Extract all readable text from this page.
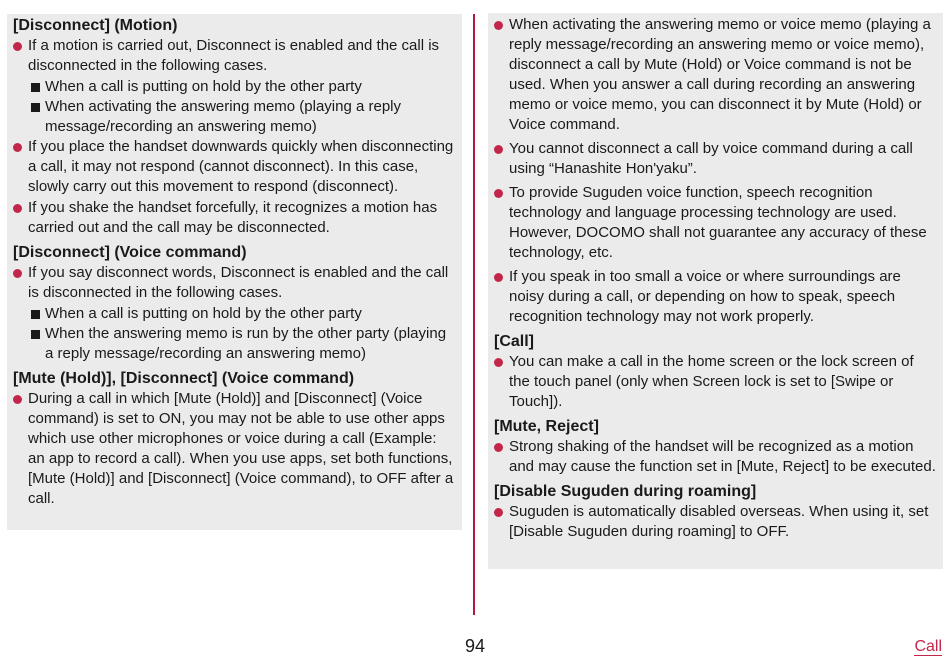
[Disconnect] (Motion)
If a motion is carried out, Disconnect is enabled and the call is disconnected in the following cases.
When a call is putting on hold by the other party
When activating the answering memo (playing a reply message/recording an answering memo)
If you place the handset downwards quickly when disconnecting a call, it may not respond (cannot disconnect). In this case, slowly carry out this movement to respond (disconnect).
If you shake the handset forcefully, it recognizes a motion has carried out and the call may be disconnected.
[Disconnect] (Voice command)
If you say disconnect words, Disconnect is enabled and the call is disconnected in the following cases.
When a call is putting on hold by the other party
When the answering memo is run by the other party (playing a reply message/recording an answering memo)
[Mute (Hold)], [Disconnect] (Voice command)
During a call in which [Mute (Hold)] and [Disconnect] (Voice command) is set to ON, you may not be able to use other apps which use other microphones or voice during a call (Example: an app to record a call). When you use apps, set both functions, [Mute (Hold)] and [Disconnect] (Voice command), to OFF after a call.
When activating the answering memo or voice memo (playing a reply message/recording an answering memo or voice memo), disconnect a call by Mute (Hold) or Voice command is not be used. When you answer a call during recording an answering memo or voice memo, you can disconnect it by Mute (Hold) or Voice command.
You cannot disconnect a call by voice command during a call using “Hanashite Hon'yaku”.
To provide Suguden voice function, speech recognition technology and language processing technology are used. However, DOCOMO shall not guarantee any accuracy of these technology, etc.
If you speak in too small a voice or where surroundings are noisy during a call, or depending on how to speak, speech recognition technology may not work properly.
[Call]
You can make a call in the home screen or the lock screen of the touch panel (only when Screen lock is set to [Swipe or Touch]).
[Mute, Reject]
Strong shaking of the handset will be recognized as a motion and may cause the function set in [Mute, Reject] to be executed.
[Disable Suguden during roaming]
Suguden is automatically disabled overseas. When using it, set [Disable Suguden during roaming] to OFF.
94	Call
